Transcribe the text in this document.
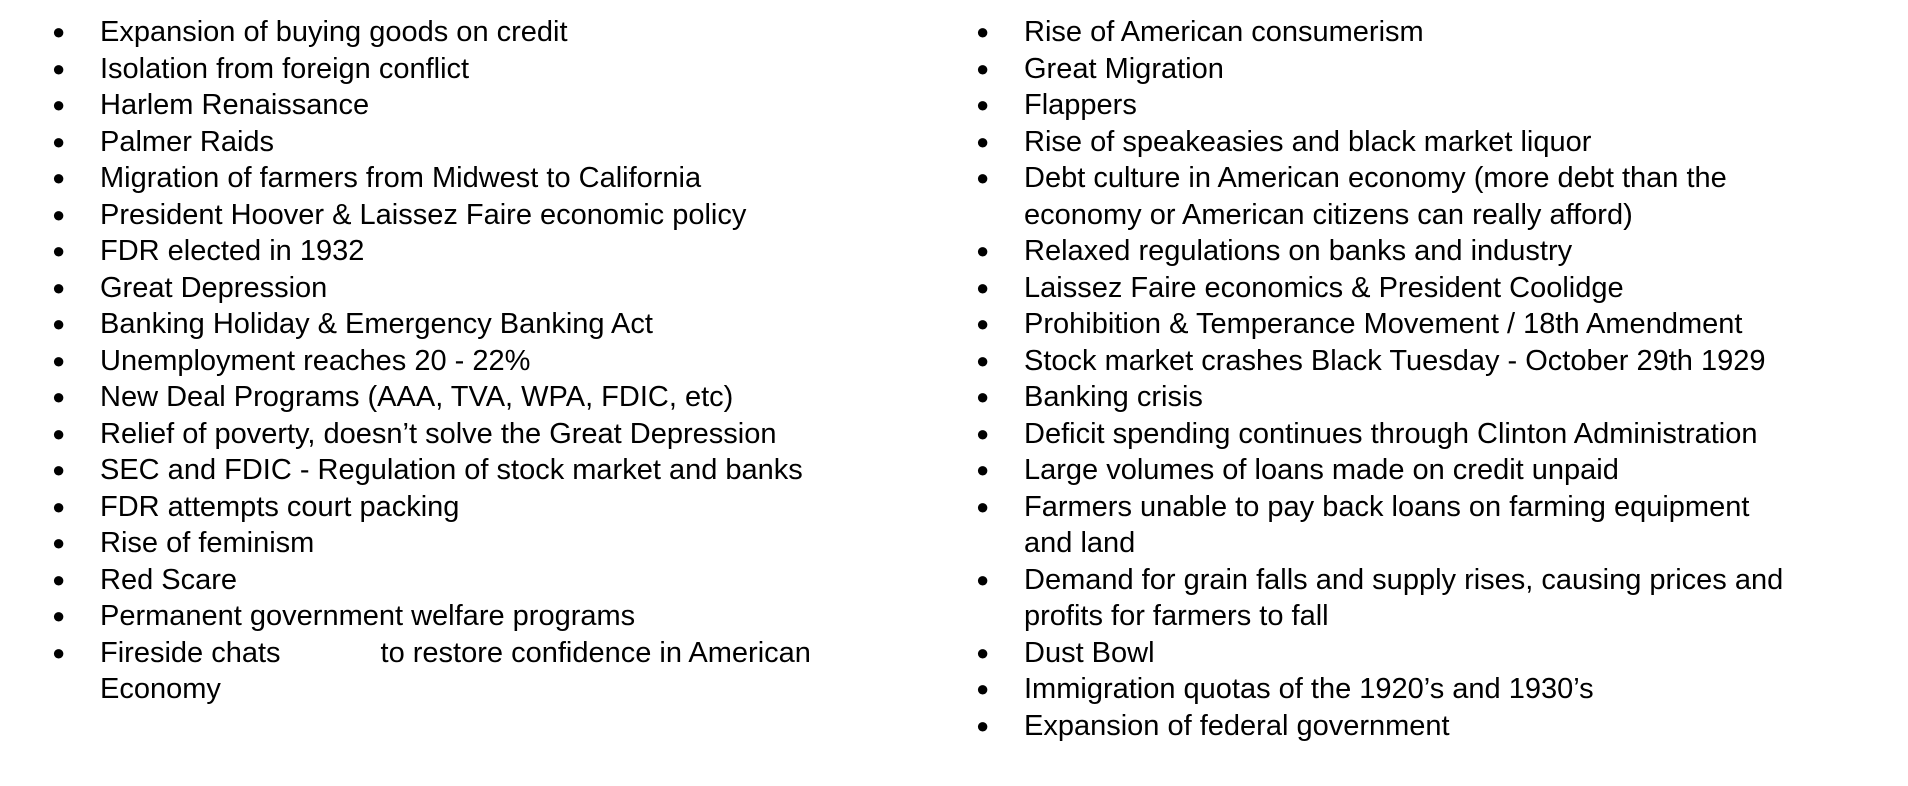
● Expansion of buying goods on credit
● Isolation from foreign conflict
● Harlem Renaissance
● Palmer Raids
● Migration of farmers from Midwest to California
● President Hoover & Laissez Faire economic policy
● FDR elected in 1932
● Great Depression
● Banking Holiday & Emergency Banking Act
● Unemployment reaches 20 - 22%
● New Deal Programs (AAA, TVA, WPA, FDIC, etc)
● Relief of poverty, doesn’t solve the Great Depression
● SEC and FDIC - Regulation of stock market and banks
● FDR attempts court packing
● Rise of feminism
● Red Scare
● Permanent government welfare programs
● Fireside chats	to restore confidence in American
Economy
● Rise of American consumerism
● Great Migration
● Flappers
● Rise of speakeasies and black market liquor
● Debt culture in American economy (more debt than the
economy or American citizens can really afford)
● Relaxed regulations on banks and industry
● Laissez Faire economics & President Coolidge
● Prohibition & Temperance Movement / 18th Amendment
● Stock market crashes Black Tuesday - October 29th 1929
● Banking crisis
● Deficit spending continues through Clinton Administration
● Large volumes of loans made on credit unpaid
● Farmers unable to pay back loans on farming equipment
and land
● Demand for grain falls and supply rises, causing prices and
profits for farmers to fall
● Dust Bowl
● Immigration quotas of the 1920’s and 1930’s
● Expansion of federal government
